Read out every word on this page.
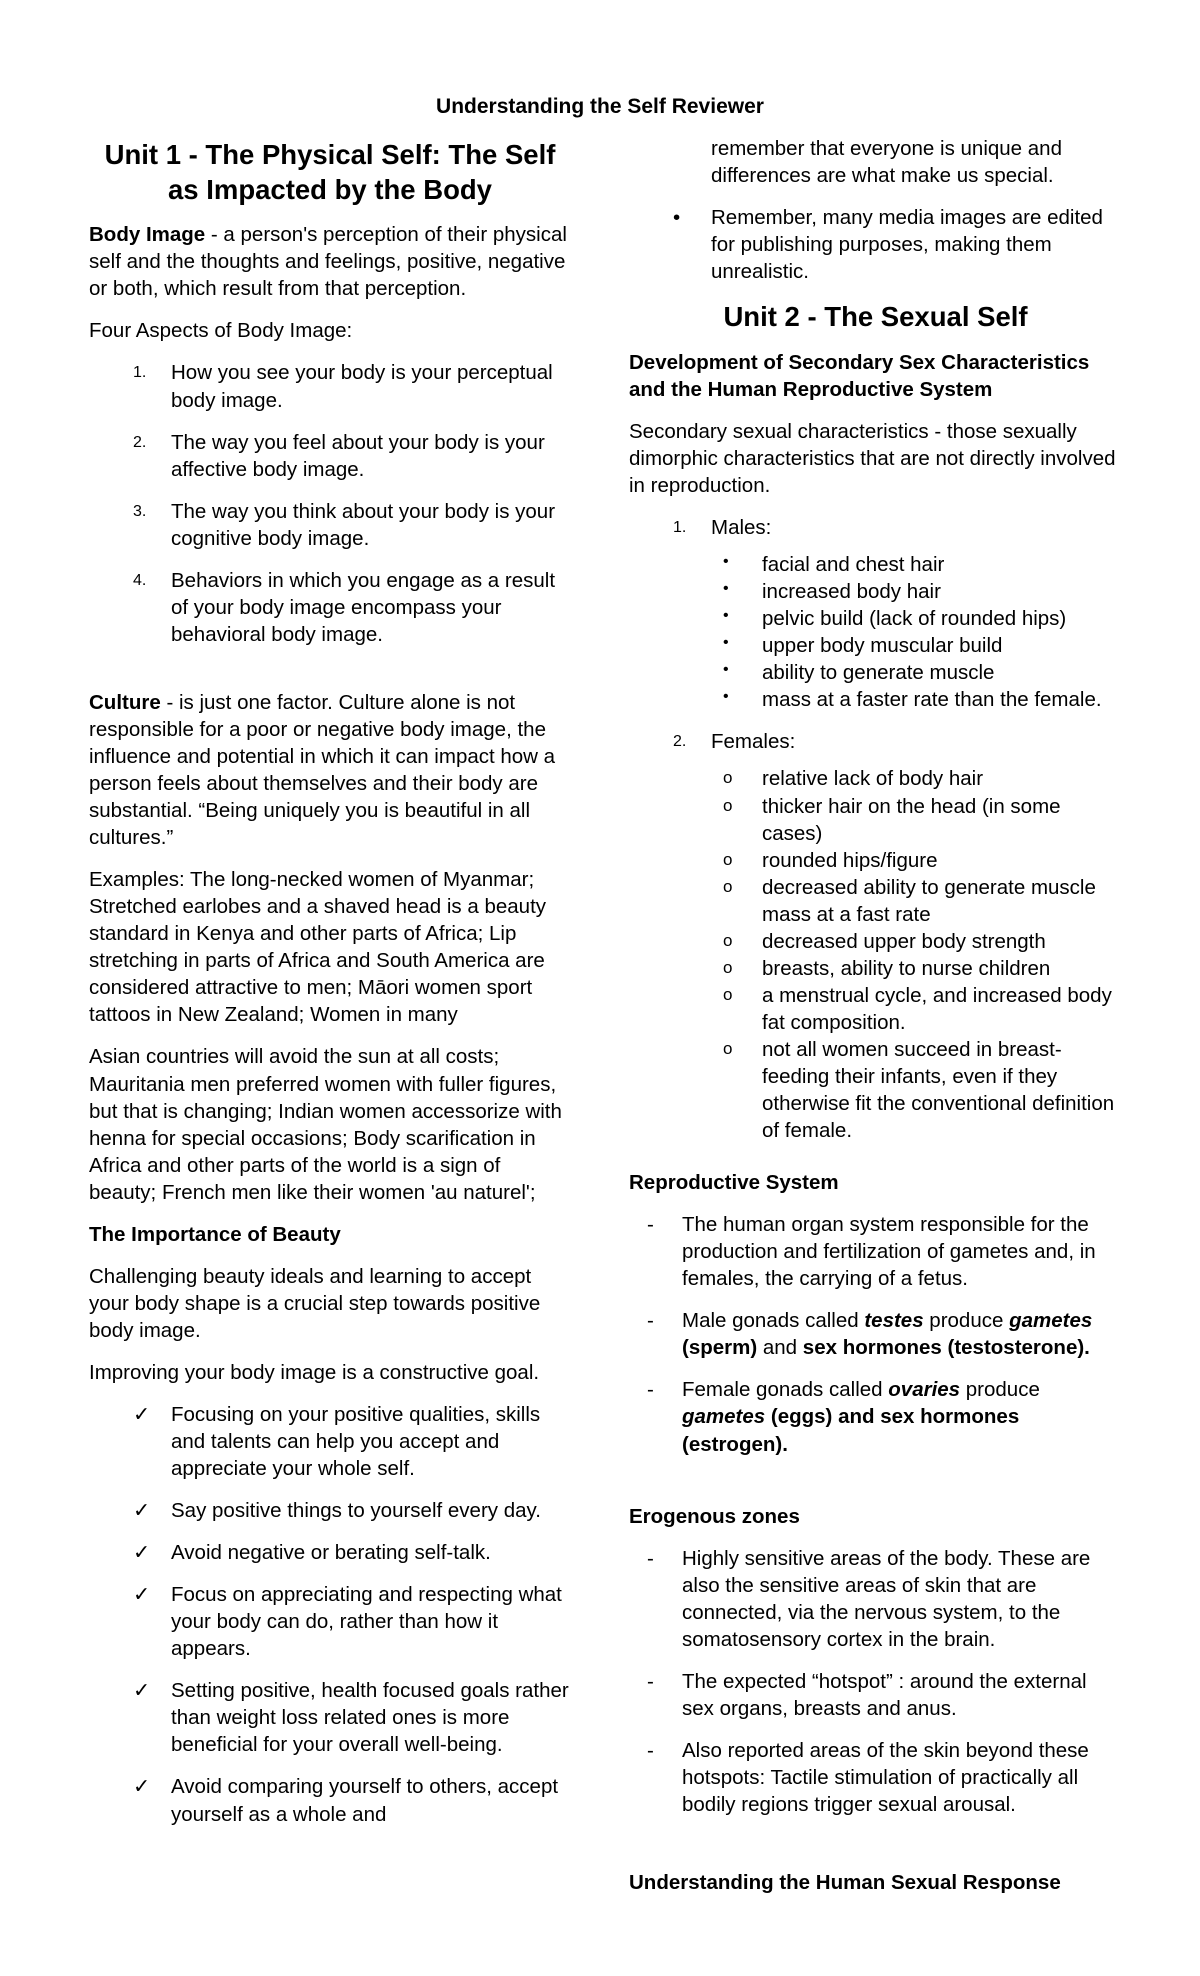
Understanding the Self Reviewer
Unit 1 - The Physical Self: The Self as Impacted by the Body

Body Image - a person's perception of their physical self and the thoughts and feelings, positive, negative or both, which result from that perception.

Four Aspects of Body Image:

1. How you see your body is your perceptual body image.
2. The way you feel about your body is your affective body image.
3. The way you think about your body is your cognitive body image.
4. Behaviors in which you engage as a result of your body image encompass your behavioral body image.

Culture - is just one factor. Culture alone is not responsible for a poor or negative body image, the influence and potential in which it can impact how a person feels about themselves and their body are substantial. “Being uniquely you is beautiful in all cultures.”

Examples: The long-necked women of Myanmar; Stretched earlobes and a shaved head is a beauty standard in Kenya and other parts of Africa; Lip stretching in parts of Africa and South America are considered attractive to men; Māori women sport tattoos in New Zealand; Women in many

Asian countries will avoid the sun at all costs; Mauritania men preferred women with fuller figures, but that is changing; Indian women accessorize with henna for special occasions; Body scarification in Africa and other parts of the world is a sign of beauty; French men like their women 'au naturel';

The Importance of Beauty

Challenging beauty ideals and learning to accept your body shape is a crucial step towards positive body image.

Improving your body image is a constructive goal.

✓ Focusing on your positive qualities, skills and talents can help you accept and appreciate your whole self.
✓ Say positive things to yourself every day.
✓ Avoid negative or berating self-talk.
✓ Focus on appreciating and respecting what your body can do, rather than how it appears.
✓ Setting positive, health focused goals rather than weight loss related ones is more beneficial for your overall well-being.
✓ Avoid comparing yourself to others, accept yourself as a whole and
remember that everyone is unique and differences are what make us special.
• Remember, many media images are edited for publishing purposes, making them unrealistic.
Unit 2 - The Sexual Self

Development of Secondary Sex Characteristics and the Human Reproductive System

Secondary sexual characteristics - those sexually dimorphic characteristics that are not directly involved in reproduction.

1. Males:
• facial and chest hair
• increased body hair
• pelvic build (lack of rounded hips)
• upper body muscular build
• ability to generate muscle
• mass at a faster rate than the female.
2. Females:
o relative lack of body hair
o thicker hair on the head (in some cases)
o rounded hips/figure
o decreased ability to generate muscle mass at a fast rate
o decreased upper body strength
o breasts, ability to nurse children
o a menstrual cycle, and increased body fat composition.
o not all women succeed in breast-feeding their infants, even if they otherwise fit the conventional definition of female.

Reproductive System

- The human organ system responsible for the production and fertilization of gametes and, in females, the carrying of a fetus.
- Male gonads called testes produce gametes (sperm) and sex hormones (testosterone).
- Female gonads called ovaries produce gametes (eggs) and sex hormones (estrogen).

Erogenous zones

- Highly sensitive areas of the body. These are also the sensitive areas of skin that are connected, via the nervous system, to the somatosensory cortex in the brain.
- The expected “hotspot” : around the external sex organs, breasts and anus.
- Also reported areas of the skin beyond these hotspots: Tactile stimulation of practically all bodily regions trigger sexual arousal.

Understanding the Human Sexual Response
